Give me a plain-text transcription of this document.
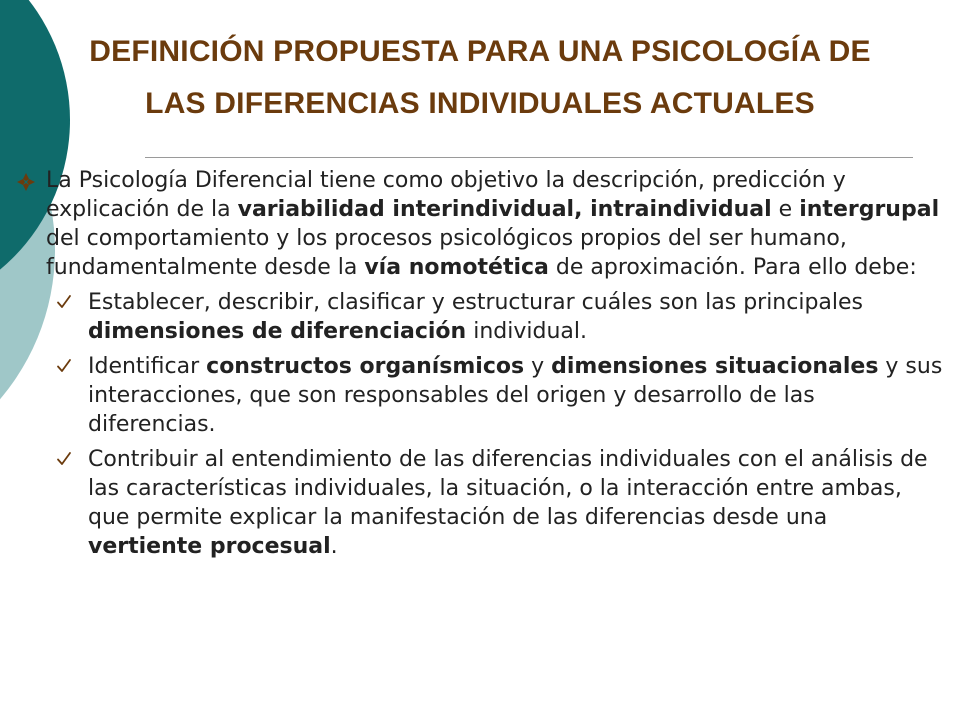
DEFINICIÓN PROPUESTA PARA UNA PSICOLOGÍA DE
LAS DIFERENCIAS INDIVIDUALES ACTUALES
La Psicología Diferencial tiene como objetivo la descripción, predicción y explicación de la variabilidad interindividual, intraindividual e intergrupal del comportamiento y los procesos psicológicos propios del ser humano, fundamentalmente desde la vía nomotética de aproximación. Para ello debe:
Establecer, describir, clasificar y estructurar cuáles son las principales dimensiones de diferenciación individual.
Identificar constructos organísmicos y dimensiones situacionales y sus interacciones, que son responsables del origen y desarrollo de las diferencias.
Contribuir al entendimiento de las diferencias individuales con el análisis de las características individuales, la situación, o la interacción entre ambas, que permite explicar la manifestación de las diferencias desde una vertiente procesual.
